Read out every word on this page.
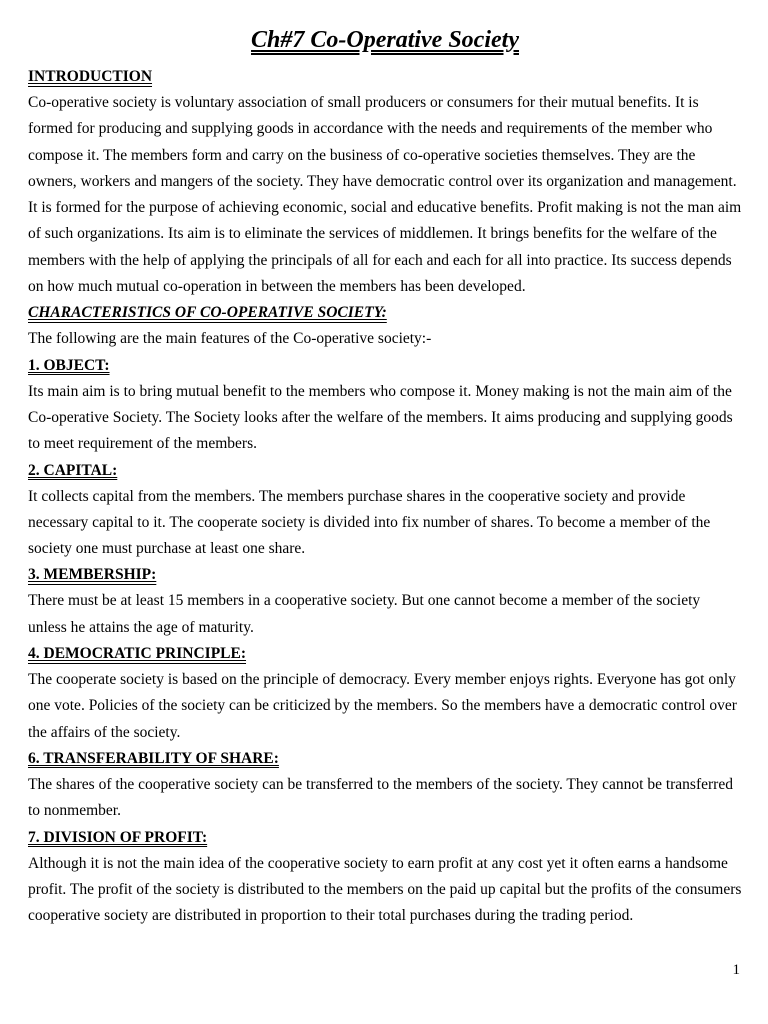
Ch#7 Co-Operative Society
INTRODUCTION

Co-operative society is voluntary association of small producers or consumers for their mutual benefits. It is formed for producing and supplying goods in accordance with the needs and requirements of the member who compose it. The members form and carry on the business of co-operative societies themselves. They are the owners, workers and mangers of the society. They have democratic control over its organization and management. It is formed for the purpose of achieving economic, social and educative benefits. Profit making is not the man aim of such organizations. Its aim is to eliminate the services of middlemen. It brings benefits for the welfare of the members with the help of applying the principals of all for each and each for all into practice. Its success depends on how much mutual co-operation in between the members has been developed.

CHARACTERISTICS OF CO-OPERATIVE SOCIETY:

The following are the main features of the Co-operative society:-

1. OBJECT:

Its main aim is to bring mutual benefit to the members who compose it. Money making is not the main aim of the Co-operative Society. The Society looks after the welfare of the members. It aims producing and supplying goods to meet requirement of the members.

2. CAPITAL:

It collects capital from the members. The members purchase shares in the cooperative society and provide necessary capital to it. The cooperate society is divided into fix number of shares. To become a member of the society one must purchase at least one share.

3. MEMBERSHIP:

There must be at least 15 members in a cooperative society. But one cannot become a member of the society unless he attains the age of maturity.

4. DEMOCRATIC PRINCIPLE:

The cooperate society is based on the principle of democracy. Every member enjoys rights. Everyone has got only one vote. Policies of the society can be criticized by the members. So the members have a democratic control over the affairs of the society.

6. TRANSFERABILITY OF SHARE:

The shares of the cooperative society can be transferred to the members of the society. They cannot be transferred to nonmember.

7. DIVISION OF PROFIT:

Although it is not the main idea of the cooperative society to earn profit at any cost yet it often earns a handsome profit. The profit of the society is distributed to the members on the paid up capital but the profits of the consumers cooperative society are distributed in proportion to their total purchases during the trading period.

1
